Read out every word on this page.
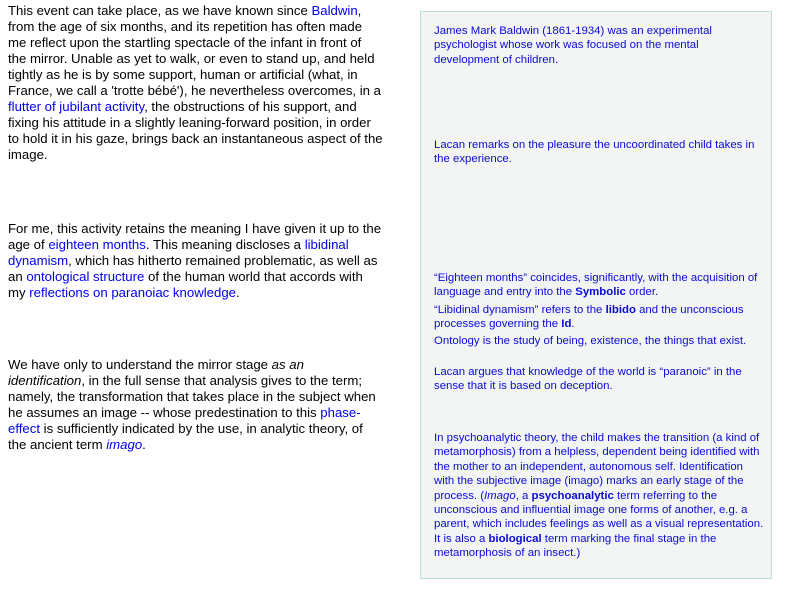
This event can take place, as we have known since Baldwin, from the age of six months, and its repetition has often made me reflect upon the startling spectacle of the infant in front of the mirror. Unable as yet to walk, or even to stand up, and held tightly as he is by some support, human or artificial (what, in France, we call a 'trotte bébé'), he nevertheless overcomes, in a flutter of jubilant activity, the obstructions of his support, and fixing his attitude in a slightly leaning-forward position, in order to hold it in his gaze, brings back an instantaneous aspect of the image.

For me, this activity retains the meaning I have given it up to the age of eighteen months. This meaning discloses a libidinal dynamism, which has hitherto remained problematic, as well as an ontological structure of the human world that accords with my reflections on paranoiac knowledge.

We have only to understand the mirror stage as an identification, in the full sense that analysis gives to the term; namely, the transformation that takes place in the subject when he assumes an image -- whose predestination to this phase-effect is sufficiently indicated by the use, in analytic theory, of the ancient term imago.

James Mark Baldwin (1861-1934) was an experimental psychologist whose work was focused on the mental development of children.

Lacan remarks on the pleasure the uncoordinated child takes in the experience.

“Eighteen months” coincides, significantly, with the acquisition of language and entry into the Symbolic order.

“Libidinal dynamism” refers to the libido and the unconscious processes governing the Id.

Ontology is the study of being, existence, the things that exist.

Lacan argues that knowledge of the world is “paranoic” in the sense that it is based on deception.

In psychoanalytic theory, the child makes the transition (a kind of metamorphosis) from a helpless, dependent being identified with the mother to an independent, autonomous self. Identification with the subjective image (imago) marks an early stage of the process. (Imago, a psychoanalytic term referring to the unconscious and influential image one forms of another, e.g. a parent, which includes feelings as well as a visual representation. It is also a biological term marking the final stage in the metamorphosis of an insect.)
